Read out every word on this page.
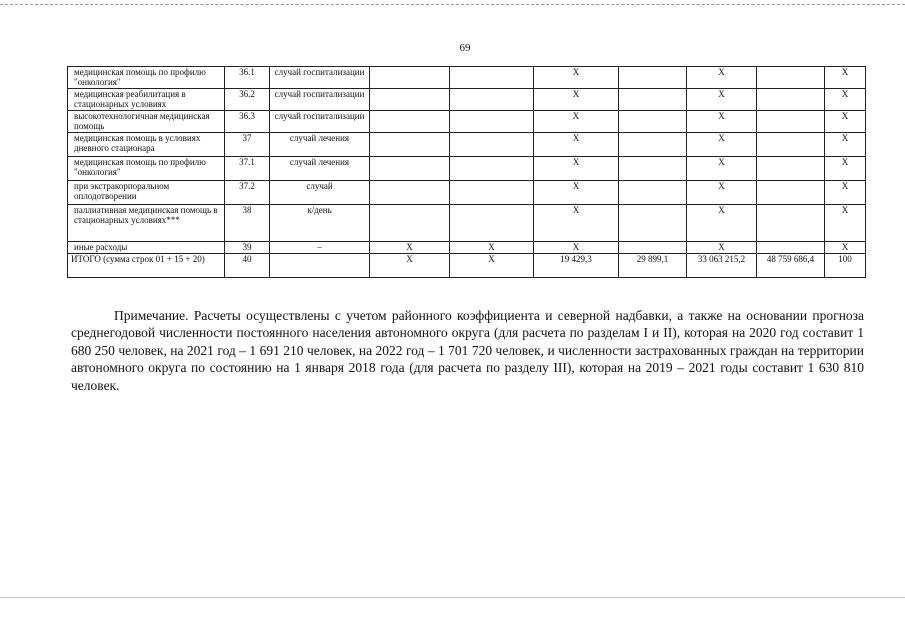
69
медицинская помощь по профилю "онкология"	36.1	случай госпитализации			X		X		X
медицинская реабилитация в стационарных условиях	36.2	случай госпитализации			X		X		X
высокотехнологичная медицинская помощь	36.3	случай госпитализации			X		X		X
медицинская помощь в условиях дневного стационара	37	случай лечения			X		X		X
медицинская помощь по профилю "онкология"	37.1	случай лечения			X		X		X
при экстракорпоральном оплодотворении	37.2	случай			X		X		X
паллиативная медицинская помощь в стационарных условиях***	38	к/день			X		X		X
иные расходы	39	–	X	X	X		X		X
ИТОГО (сумма строк 01 + 15 + 20)	40		X	X	19 429,3	29 899,1	33 063 215,2	48 759 686,4	100

Примечание. Расчеты осуществлены с учетом районного коэффициента и северной надбавки, а также на основании прогноза среднегодовой численности постоянного населения автономного округа (для расчета по разделам I и II), которая на 2020 год составит 1 680 250 человек, на 2021 год – 1 691 210 человек, на 2022 год – 1 701 720 человек, и численности застрахованных граждан на территории автономного округа по состоянию на 1 января 2018 года (для расчета по разделу III), которая на 2019 – 2021 годы составит 1 630 810 человек.
